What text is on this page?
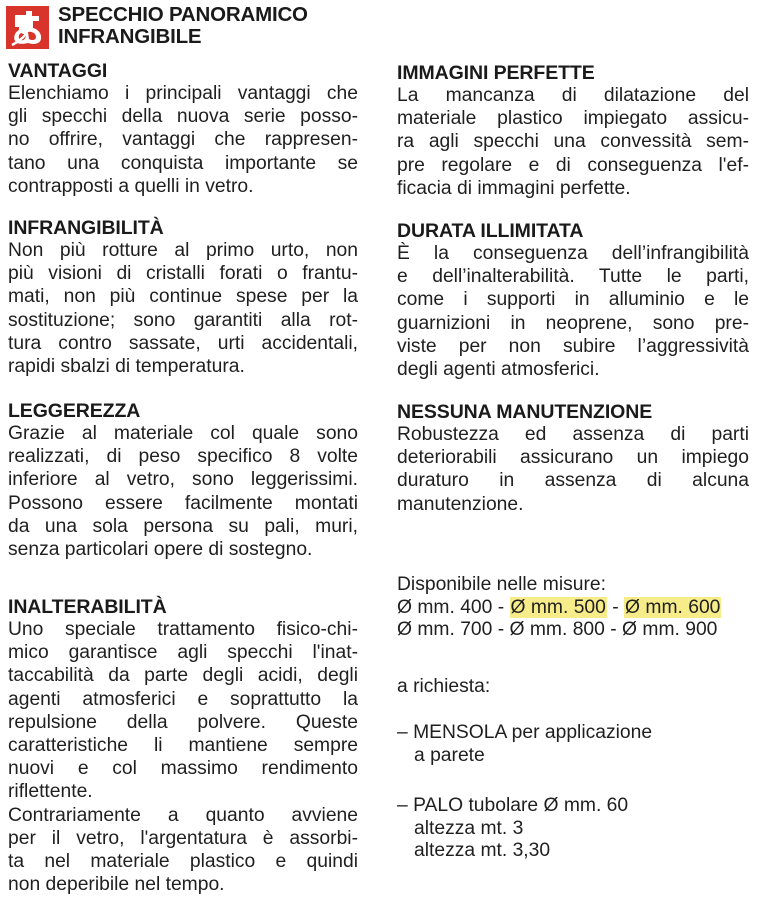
SPECCHIO PANORAMICO
INFRANGIBILE
VANTAGGI
Elenchiamo i principali vantaggi che
gli specchi della nuova serie posso-
no offrire, vantaggi che rappresen-
tano una conquista importante se
contrapposti a quelli in vetro.
INFRANGIBILITÀ
Non più rotture al primo urto, non
più visioni di cristalli forati o frantu-
mati, non più continue spese per la
sostituzione; sono garantiti alla rot-
tura contro sassate, urti accidentali,
rapidi sbalzi di temperatura.
LEGGEREZZA
Grazie al materiale col quale sono
realizzati, di peso specifico 8 volte
inferiore al vetro, sono leggerissimi.
Possono essere facilmente montati
da una sola persona su pali, muri,
senza particolari opere di sostegno.
INALTERABILITÀ
Uno speciale trattamento fisico-chi-
mico garantisce agli specchi l'inat-
taccabilità da parte degli acidi, degli
agenti atmosferici e soprattutto la
repulsione della polvere. Queste
caratteristiche li mantiene sempre
nuovi e col massimo rendimento
riflettente.
Contrariamente a quanto avviene
per il vetro, l'argentatura è assorbi-
ta nel materiale plastico e quindi
non deperibile nel tempo.
IMMAGINI PERFETTE
La mancanza di dilatazione del
materiale plastico impiegato assicu-
ra agli specchi una convessità sem-
pre regolare e di conseguenza l'ef-
ficacia di immagini perfette.
DURATA ILLIMITATA
È la conseguenza dell’infrangibilità
e dell’inalterabilità. Tutte le parti,
come i supporti in alluminio e le
guarnizioni in neoprene, sono pre-
viste per non subire l’aggressività
degli agenti atmosferici.
NESSUNA MANUTENZIONE
Robustezza ed assenza di parti
deteriorabili assicurano un impiego
duraturo in assenza di alcuna
manutenzione.
Disponibile nelle misure:
Ø mm. 400 - Ø mm. 500 - Ø mm. 600
Ø mm. 700 - Ø mm. 800 - Ø mm. 900
a richiesta:
– MENSOLA per applicazione
a parete
– PALO tubolare Ø mm. 60
altezza mt. 3
altezza mt. 3,30
